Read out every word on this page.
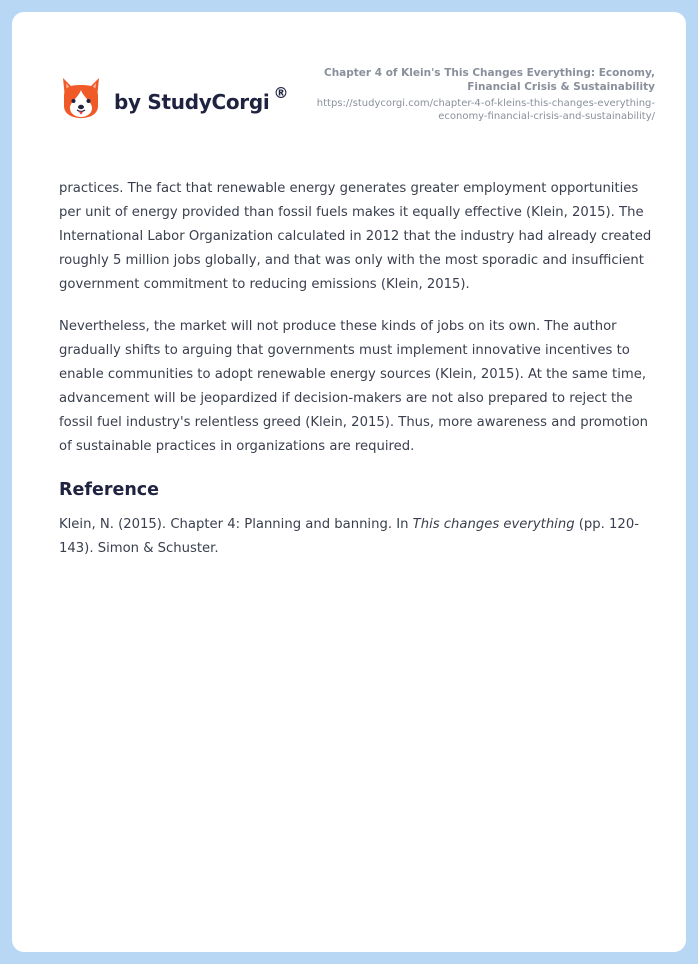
by StudyCorgi ®
Chapter 4 of Klein's This Changes Everything: Economy, Financial Crisis & Sustainability
https://studycorgi.com/chapter-4-of-kleins-this-changes-everything-economy-financial-crisis-and-sustainability/

practices. The fact that renewable energy generates greater employment opportunities per unit of energy provided than fossil fuels makes it equally effective (Klein, 2015). The International Labor Organization calculated in 2012 that the industry had already created roughly 5 million jobs globally, and that was only with the most sporadic and insufficient government commitment to reducing emissions (Klein, 2015).

Nevertheless, the market will not produce these kinds of jobs on its own. The author gradually shifts to arguing that governments must implement innovative incentives to enable communities to adopt renewable energy sources (Klein, 2015). At the same time, advancement will be jeopardized if decision-makers are not also prepared to reject the fossil fuel industry's relentless greed (Klein, 2015). Thus, more awareness and promotion of sustainable practices in organizations are required.

Reference

Klein, N. (2015). Chapter 4: Planning and banning. In This changes everything (pp. 120-143). Simon & Schuster.
